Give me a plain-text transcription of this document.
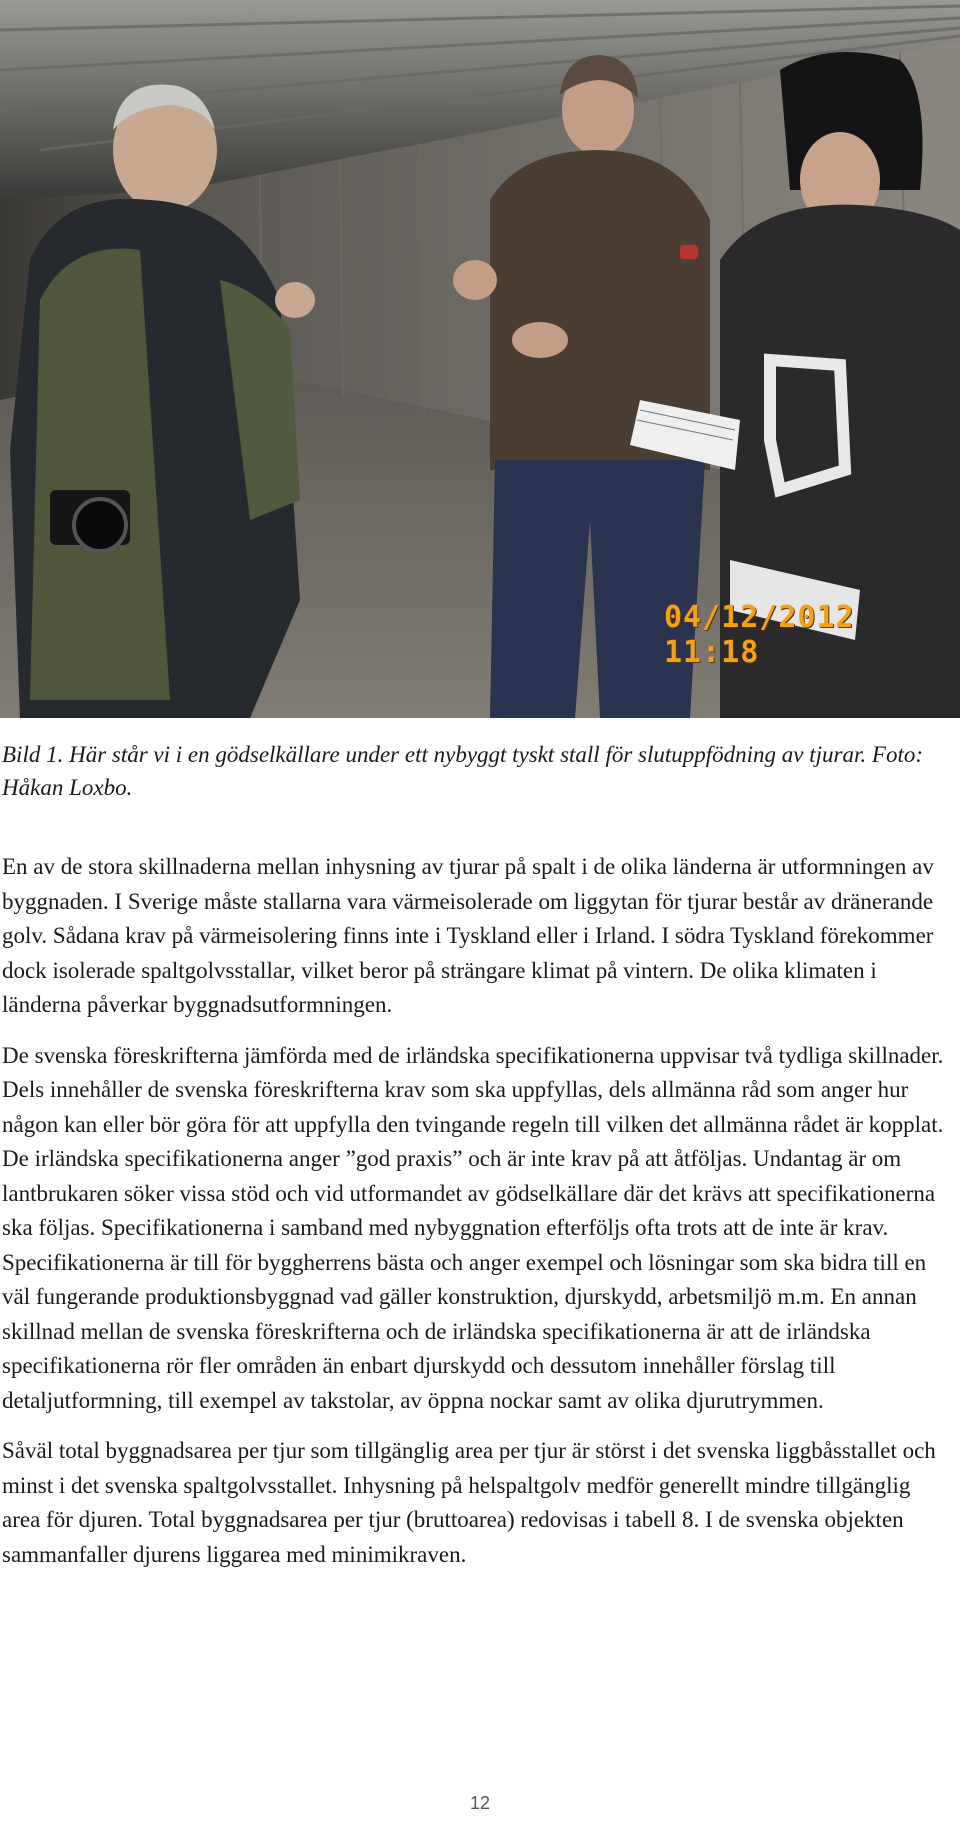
04/12/2012 11:18
Bild 1. Här står vi i en gödselkällare under ett nybyggt tyskt stall för slutuppfödning av tjurar. Foto: Håkan Loxbo.

En av de stora skillnaderna mellan inhysning av tjurar på spalt i de olika länderna är utformningen av byggnaden. I Sverige måste stallarna vara värmeisolerade om liggytan för tjurar består av dränerande golv. Sådana krav på värmeisolering finns inte i Tyskland eller i Irland. I södra Tyskland förekommer dock isolerade spaltgolvsstallar, vilket beror på strängare klimat på vintern. De olika klimaten i länderna påverkar byggnadsutformningen.

De svenska föreskrifterna jämförda med de irländska specifikationerna uppvisar två tydliga skillnader. Dels innehåller de svenska föreskrifterna krav som ska uppfyllas, dels allmänna råd som anger hur någon kan eller bör göra för att uppfylla den tvingande regeln till vilken det allmänna rådet är kopplat. De irländska specifikationerna anger ”god praxis” och är inte krav på att åtföljas. Undantag är om lantbrukaren söker vissa stöd och vid utformandet av gödselkällare där det krävs att specifikationerna ska följas. Specifikationerna i samband med nybyggnation efterföljs ofta trots att de inte är krav. Specifikationerna är till för byggherrens bästa och anger exempel och lösningar som ska bidra till en väl fungerande produktionsbyggnad vad gäller konstruktion, djurskydd, arbetsmiljö m.m. En annan skillnad mellan de svenska föreskrifterna och de irländska specifikationerna är att de irländska specifikationerna rör fler områden än enbart djurskydd och dessutom innehåller förslag till detaljutformning, till exempel av takstolar, av öppna nockar samt av olika djurutrymmen.

Såväl total byggnadsarea per tjur som tillgänglig area per tjur är störst i det svenska liggbåsstallet och minst i det svenska spaltgolvsstallet. Inhysning på helspaltgolv medför generellt mindre tillgänglig area för djuren. Total byggnadsarea per tjur (bruttoarea) redovisas i tabell 8. I de svenska objekten sammanfaller djurens liggarea med minimikraven.

12
